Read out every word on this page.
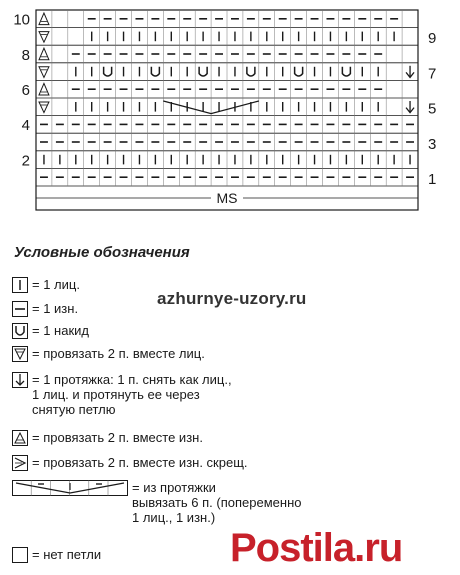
10
8
6
4
2
9
7
5
3
1
MS
Условные обозначения
azhurnye-uzory.ru
= 1 лиц.
= 1 изн.
= 1 накид
= провязать 2 п. вместе лиц.
= 1 протяжка: 1 п. снять как лиц.,
1 лиц. и протянуть ее через
снятую петлю
= провязать 2 п. вместе изн.
= провязать 2 п. вместе изн. скрещ.
= из протяжки
вывязать 6 п. (попеременно
1 лиц., 1 изн.)
= нет петли	Postila.ru
